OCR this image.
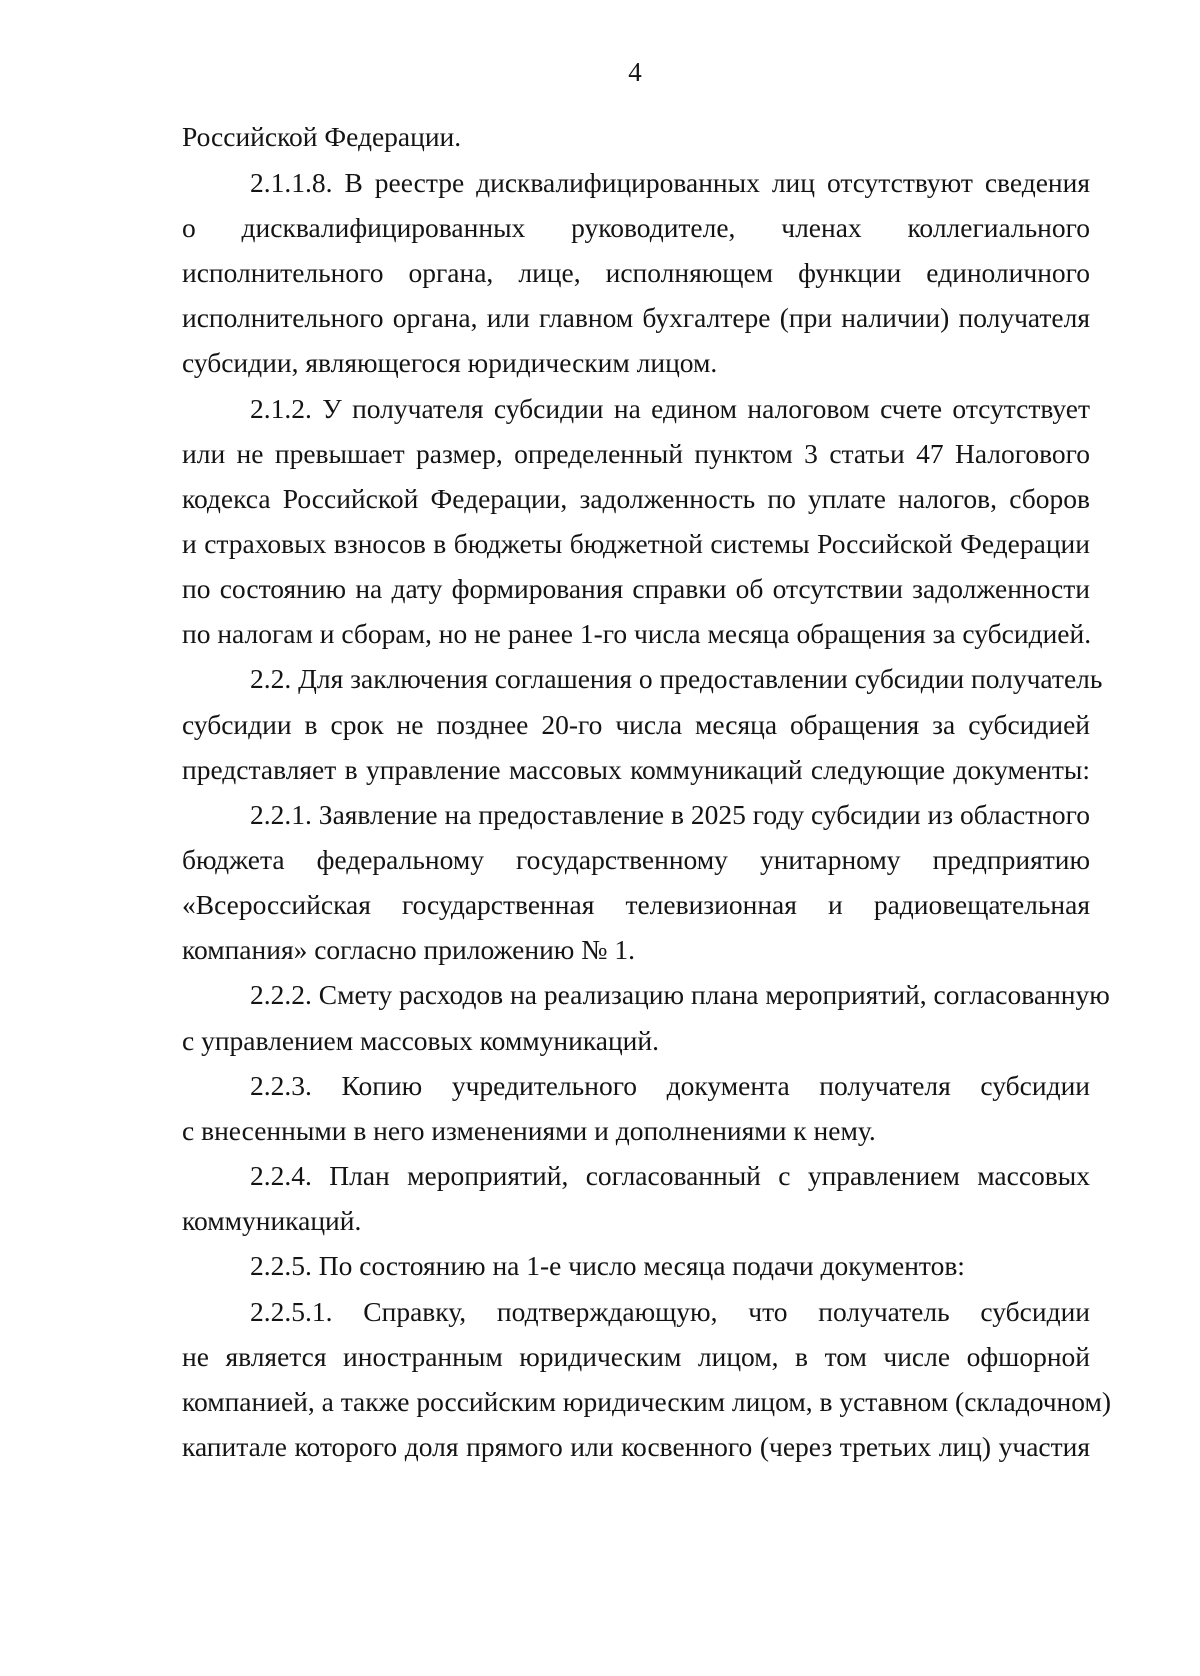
4
Российской Федерации.
2.1.1.8. В реестре дисквалифицированных лиц отсутствуют сведения
о дисквалифицированных руководителе, членах коллегиального
исполнительного органа, лице, исполняющем функции единоличного
исполнительного органа, или главном бухгалтере (при наличии) получателя
субсидии, являющегося юридическим лицом.
2.1.2. У получателя субсидии на едином налоговом счете отсутствует
или не превышает размер, определенный пунктом 3 статьи 47 Налогового
кодекса Российской Федерации, задолженность по уплате налогов, сборов
и страховых взносов в бюджеты бюджетной системы Российской Федерации
по состоянию на дату формирования справки об отсутствии задолженности
по налогам и сборам, но не ранее 1-го числа месяца обращения за субсидией.
2.2. Для заключения соглашения о предоставлении субсидии получатель
субсидии в срок не позднее 20-го числа месяца обращения за субсидией
представляет в управление массовых коммуникаций следующие документы:
2.2.1. Заявление на предоставление в 2025 году субсидии из областного
бюджета федеральному государственному унитарному предприятию
«Всероссийская государственная телевизионная и радиовещательная
компания» согласно приложению № 1.
2.2.2. Смету расходов на реализацию плана мероприятий, согласованную
с управлением массовых коммуникаций.
2.2.3. Копию учредительного документа получателя субсидии
с внесенными в него изменениями и дополнениями к нему.
2.2.4. План мероприятий, согласованный с управлением массовых
коммуникаций.
2.2.5. По состоянию на 1-е число месяца подачи документов:
2.2.5.1. Справку, подтверждающую, что получатель субсидии
не является иностранным юридическим лицом, в том числе офшорной
компанией, а также российским юридическим лицом, в уставном (складочном)
капитале которого доля прямого или косвенного (через третьих лиц) участия
